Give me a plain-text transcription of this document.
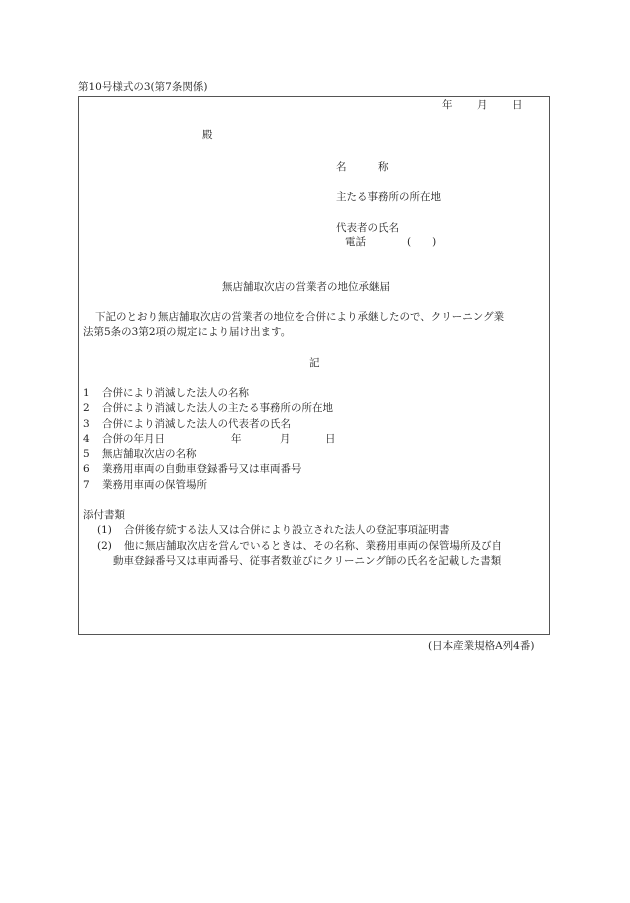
第10号様式の3(第7条関係)
年 月 日
殿
名　　　称
主たる事務所の所在地
代表者の氏名
電話	(　　)
無店舗取次店の営業者の地位承継届
下記のとおり無店舗取次店の営業者の地位を合併により承継したので、クリーニング業
法第5条の3第2項の規定により届け出ます。
記
1 合併により消滅した法人の名称
2 合併により消滅した法人の主たる事務所の所在地
3 合併により消滅した法人の代表者の氏名
4 合併の年月日	年	月	日
5 無店舗取次店の名称
6 業務用車両の自動車登録番号又は車両番号
7 業務用車両の保管場所
添付書類
(1) 合併後存続する法人又は合併により設立された法人の登記事項証明書
(2) 他に無店舗取次店を営んでいるときは、その名称、業務用車両の保管場所及び自
動車登録番号又は車両番号、従事者数並びにクリーニング師の氏名を記載した書類
(日本産業規格A列4番)
